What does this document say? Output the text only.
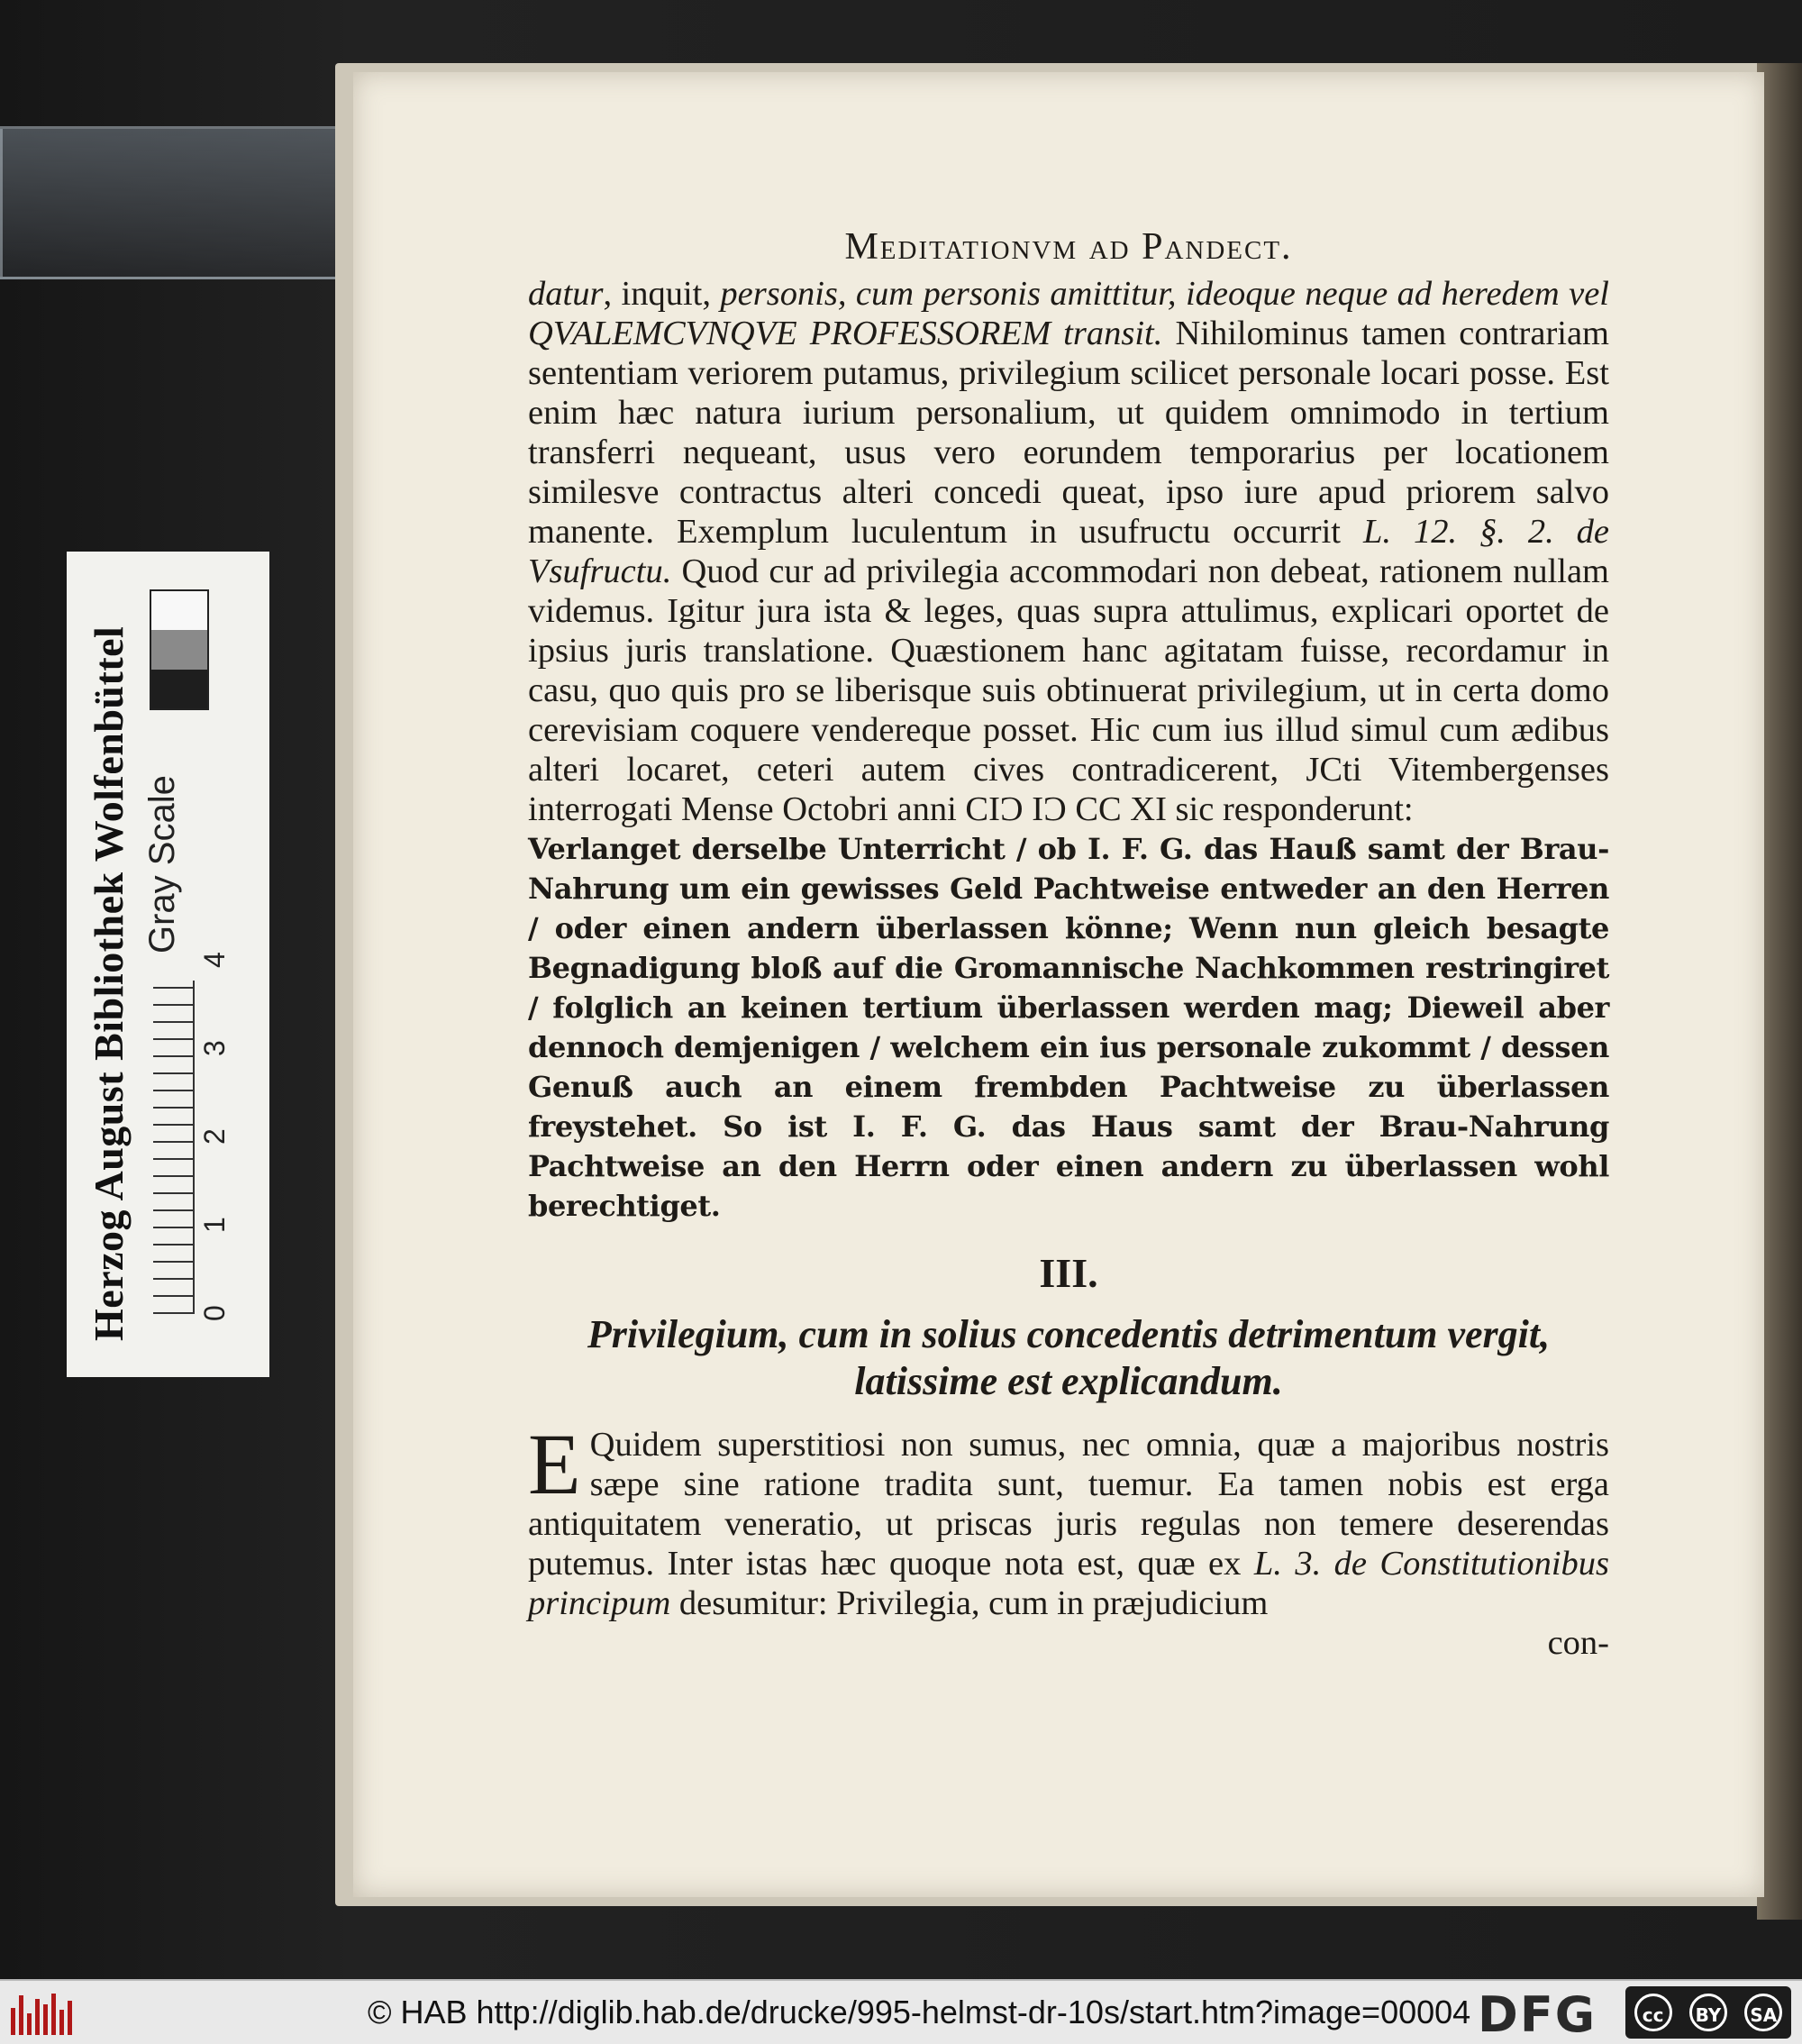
Herzog August Bibliothek Wolfenbüttel 0
1
2
3
4
Gray Scale

Meditationvm ad Pandect.

datur, inquit, personis, cum personis amittitur, ideoque neque ad heredem vel QVALEMCVNQVE PROFESSOREM transit. Nihilominus tamen contrariam sententiam veriorem putamus, privilegium scilicet personale locari posse. Est enim hæc natura iurium personalium, ut quidem omnimodo in tertium transferri nequeant, usus vero eorundem temporarius per locationem similesve contractus alteri concedi queat, ipso iure apud priorem salvo manente. Exemplum luculentum in usufructu occurrit L. 12. §. 2. de Vsufructu. Quod cur ad privilegia accommodari non debeat, rationem nullam videmus. Igitur jura ista & leges, quas supra attulimus, explicari oportet de ipsius juris translatione. Quæstionem hanc agitatam fuisse, recordamur in casu, quo quis pro se liberisque suis obtinuerat privilegium, ut in certa domo cerevisiam coquere vendereque posset. Hic cum ius illud simul cum ædibus alteri locaret, ceteri autem cives contradicerent, JCti Vitembergenses interrogati Mense Octobri anni CIƆ IƆ CC XI sic responderunt:

Verlanget derselbe Unterricht / ob I. F. G. das Hauß samt der Brau-Nahrung um ein gewisses Geld Pachtweise entweder an den Herren / oder einen andern überlassen könne; Wenn nun gleich besagte Begnadigung bloß auf die Gromannische Nachkommen restringiret / folglich an keinen tertium überlassen werden mag; Dieweil aber dennoch demjenigen / welchem ein ius personale zukommt / dessen Genuß auch an einem frembden Pachtweise zu überlassen freystehet. So ist I. F. G. das Haus samt der Brau-Nahrung Pachtweise an den Herrn oder einen andern zu überlassen wohl berechtiget.

III.

Privilegium, cum in solius concedentis detrimentum vergit, latissime est explicandum.

E Quidem superstitiosi non sumus, nec omnia, quæ a majoribus nostris sæpe sine ratione tradita sunt, tuemur. Ea tamen nobis est erga antiquitatem veneratio, ut priscas juris regulas non temere deserendas putemus. Inter istas hæc quoque nota est, quæ ex L. 3. de Constitutionibus principum desumitur: Privilegia, cum in præjudicium

con-

© HAB http://diglib.hab.de/drucke/995-helmst-dr-10s/start.htm?image=00004 DFG	cc	BY	SA
